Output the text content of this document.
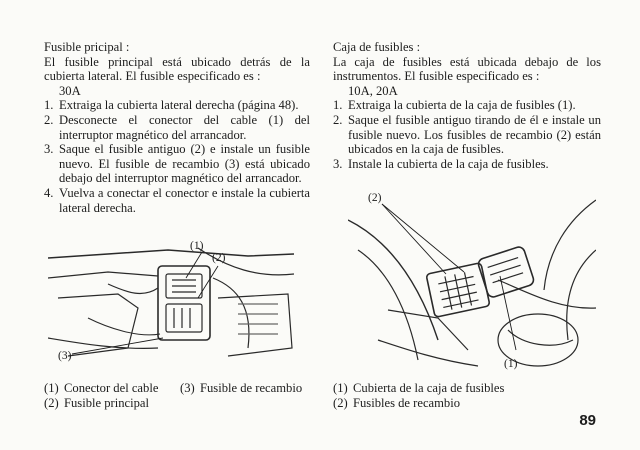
Fusible pricipal :

El fusible principal está ubicado detrás de la cubierta lateral. El fusible especificado es :

30A

1. Extraiga la cubierta lateral derecha (página 48).
2. Desconecte el conector del cable (1) del interruptor magnético del arrancador.
3. Saque el fusible antiguo (2) e instale un fusible nuevo. El fusible de recambio (3) está ubicado debajo del interruptor magnético del arrancador.
4. Vuelva a conectar el conector e instale la cubierta lateral derecha.
(1)
(2)
(3)
(1) Conector del cable	(3) Fusible de recambio
(2) Fusible principal

Caja de fusibles :

La caja de fusibles está ubicada debajo de los instrumentos. El fusible especificado es :

10A, 20A

1. Extraiga la cubierta de la caja de fusibles (1).
2. Saque el fusible antiguo tirando de él e instale un fusible nuevo. Los fusibles de recambio (2) están ubicados en la caja de fusibles.
3. Instale la cubierta de la caja de fusibles.
(2)
(1)
(1) Cubierta de la caja de fusibles
(2) Fusibles de recambio
89
